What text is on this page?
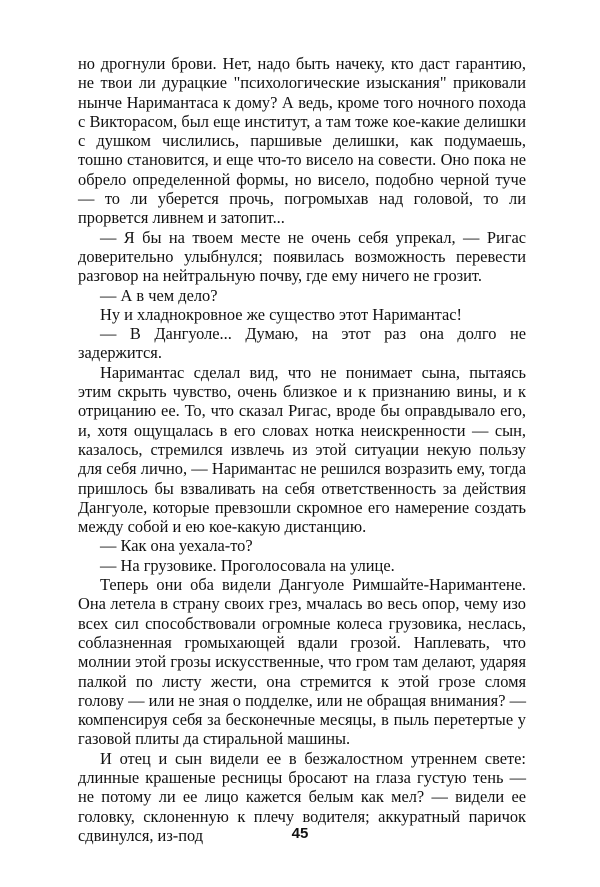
но дрогнули брови. Нет, надо быть начеку, кто даст гарантию, не твои ли дурацкие "психологические изыскания" приковали нынче Наримантаса к дому? А ведь, кроме того ночного похода с Викторасом, был еще институт, а там тоже кое-какие делишки с душком числились, паршивые делишки, как подумаешь, тошно становится, и еще что-то висело на совести. Оно пока не обрело определенной формы, но висело, подобно черной туче — то ли уберется прочь, погромыхав над головой, то ли прорвется ливнем и затопит...

— Я бы на твоем месте не очень себя упрекал, — Ригас доверительно улыбнулся; появилась возможность перевести разговор на нейтральную почву, где ему ничего не грозит.

— А в чем дело?

Ну и хладнокровное же существо этот Наримантас!

— В Дангуоле... Думаю, на этот раз она долго не задержится.

Наримантас сделал вид, что не понимает сына, пытаясь этим скрыть чувство, очень близкое и к признанию вины, и к отрицанию ее. То, что сказал Ригас, вроде бы оправдывало его, и, хотя ощущалась в его словах нотка неискренности — сын, казалось, стремился извлечь из этой ситуации некую пользу для себя лично, — Наримантас не решился возразить ему, тогда пришлось бы взваливать на себя ответственность за действия Дангуоле, которые превзошли скромное его намерение создать между собой и ею кое-какую дистанцию.

— Как она уехала-то?

— На грузовике. Проголосовала на улице.

Теперь они оба видели Дангуоле Римшайте-Наримантене. Она летела в страну своих грез, мчалась во весь опор, чему изо всех сил способствовали огромные колеса грузовика, неслась, соблазненная громыхающей вдали грозой. Наплевать, что молнии этой грозы искусственные, что гром там делают, ударяя палкой по листу жести, она стремится к этой грозе сломя голову — или не зная о подделке, или не обращая внимания? — компенсируя себя за бесконечные месяцы, в пыль перетертые у газовой плиты да стиральной машины.

И отец и сын видели ее в безжалостном утреннем свете: длинные крашеные ресницы бросают на глаза густую тень — не потому ли ее лицо кажется белым как мел? — видели ее головку, склоненную к плечу водителя; аккуратный паричок сдвинулся, из-под	45
